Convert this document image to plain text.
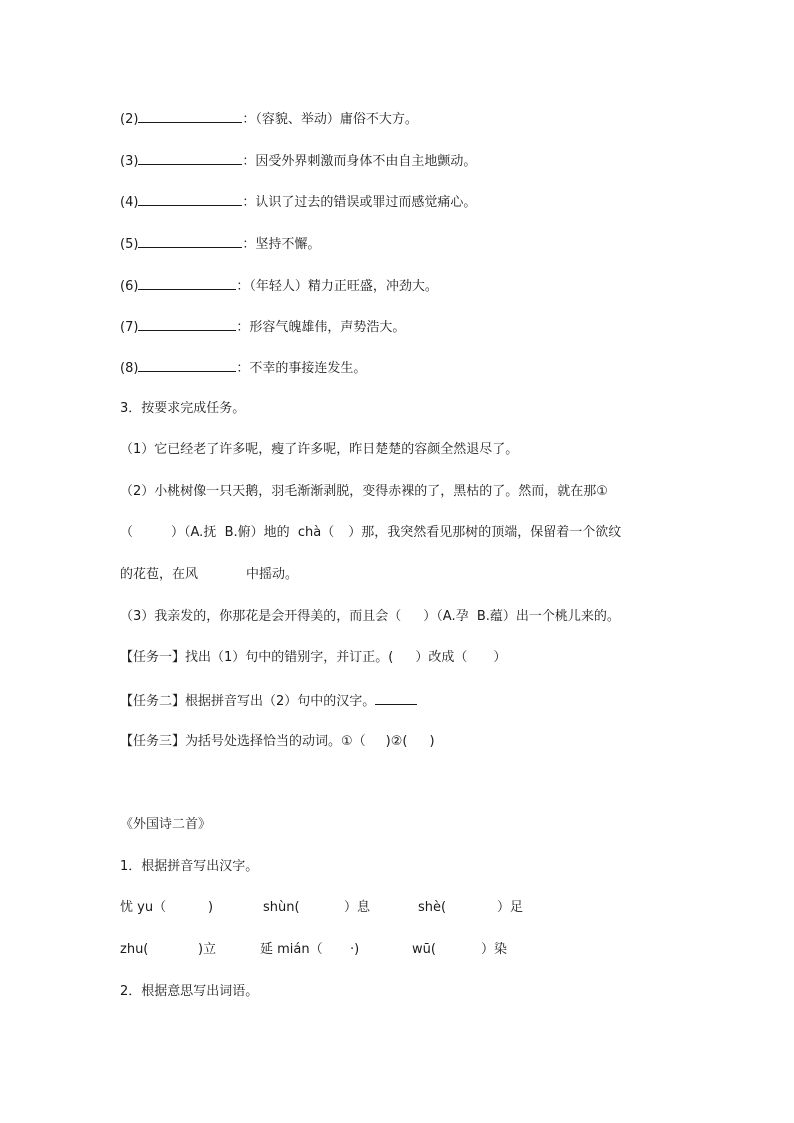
(2)	：（容貌、举动）庸俗不大方。
(3)	：因受外界刺激而身体不由自主地颤动。
(4)	：认识了过去的错误或罪过而感觉痛心。
(5)	：坚持不懈。
(6)	：（年轻人）精力正旺盛，冲劲大。
(7)	：形容气魄雄伟，声势浩大。
(8)	：不幸的事接连发生。
3．按要求完成任务。
（1）它已经老了许多呢，瘦了许多呢，昨日楚楚的容颜全然退尽了。
（2）小桃树像一只天鹅，羽毛渐渐剥脱，变得赤裸的了，黑枯的了。然而，就在那①
（	）（A.抚  B.俯）地的  chà（ ）那，我突然看见那树的顶端，保留着一个欲纹
的花苞，在风	中摇动。
（3）我亲发的，你那花是会开得美的，而且会（ ）（A.孕  B.蕴）出一个桃儿来的。
【任务一】找出（1）句中的错别字，并订正。( ）改成（ ）
【任务二】根据拼音写出（2）句中的汉字。
【任务三】为括号处选择恰当的动词。①（ )②( )
《外国诗二首》
1．根据拼音写出汉字。
忧 yu（	)	shùn(	）息	shè(	）足
zhu(	)立	延 mián（ ·)	wū(	）染
2．根据意思写出词语。
